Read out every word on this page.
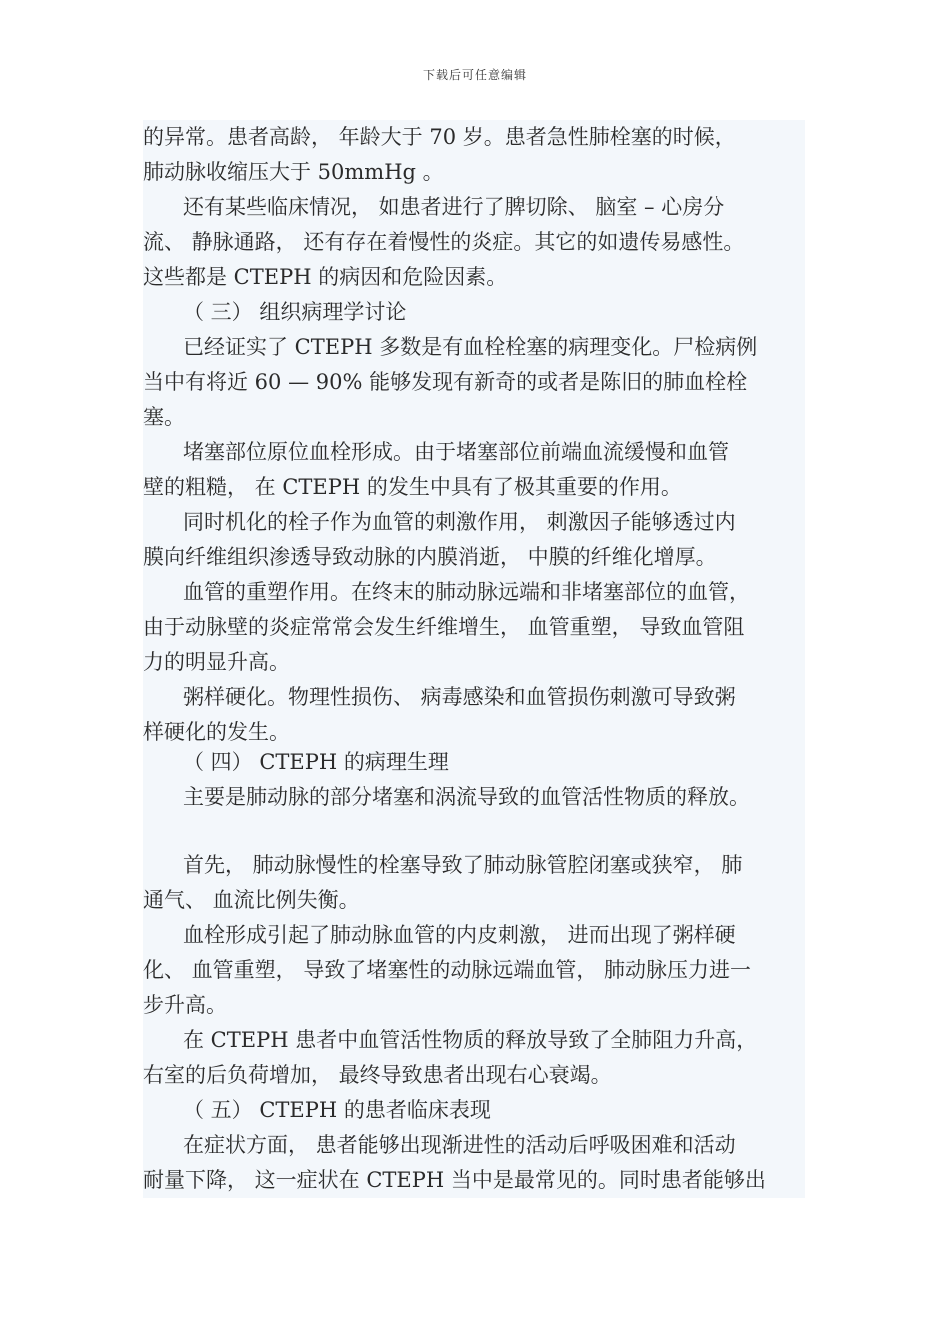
下载后可任意编辑
的异常。患者高龄， 年龄大于 70 岁。患者急性肺栓塞的时候，
肺动脉收缩压大于 50mmHg 。
还有某些临床情况， 如患者进行了脾切除、 脑室 – 心房分
流、 静脉通路， 还有存在着慢性的炎症。其它的如遗传易感性。
这些都是 CTEPH 的病因和危险因素。
（ 三） 组织病理学讨论
已经证实了 CTEPH 多数是有血栓栓塞的病理变化。尸检病例
当中有将近 60 — 90% 能够发现有新奇的或者是陈旧的肺血栓栓
塞。
堵塞部位原位血栓形成。由于堵塞部位前端血流缓慢和血管
壁的粗糙， 在 CTEPH 的发生中具有了极其重要的作用。
同时机化的栓子作为血管的刺激作用， 刺激因子能够透过内
膜向纤维组织渗透导致动脉的内膜消逝， 中膜的纤维化增厚。
血管的重塑作用。在终末的肺动脉远端和非堵塞部位的血管，
由于动脉壁的炎症常常会发生纤维增生， 血管重塑， 导致血管阻
力的明显升高。
粥样硬化。物理性损伤、 病毒感染和血管损伤刺激可导致粥
样硬化的发生。
（ 四） CTEPH 的病理生理
主要是肺动脉的部分堵塞和涡流导致的血管活性物质的释放。
首先， 肺动脉慢性的栓塞导致了肺动脉管腔闭塞或狭窄， 肺
通气、 血流比例失衡。
血栓形成引起了肺动脉血管的内皮刺激， 进而出现了粥样硬
化、 血管重塑， 导致了堵塞性的动脉远端血管， 肺动脉压力进一
步升高。
在 CTEPH 患者中血管活性物质的释放导致了全肺阻力升高，
右室的后负荷增加， 最终导致患者出现右心衰竭。
（ 五） CTEPH 的患者临床表现
在症状方面， 患者能够出现渐进性的活动后呼吸困难和活动
耐量下降， 这一症状在 CTEPH 当中是最常见的。同时患者能够出
